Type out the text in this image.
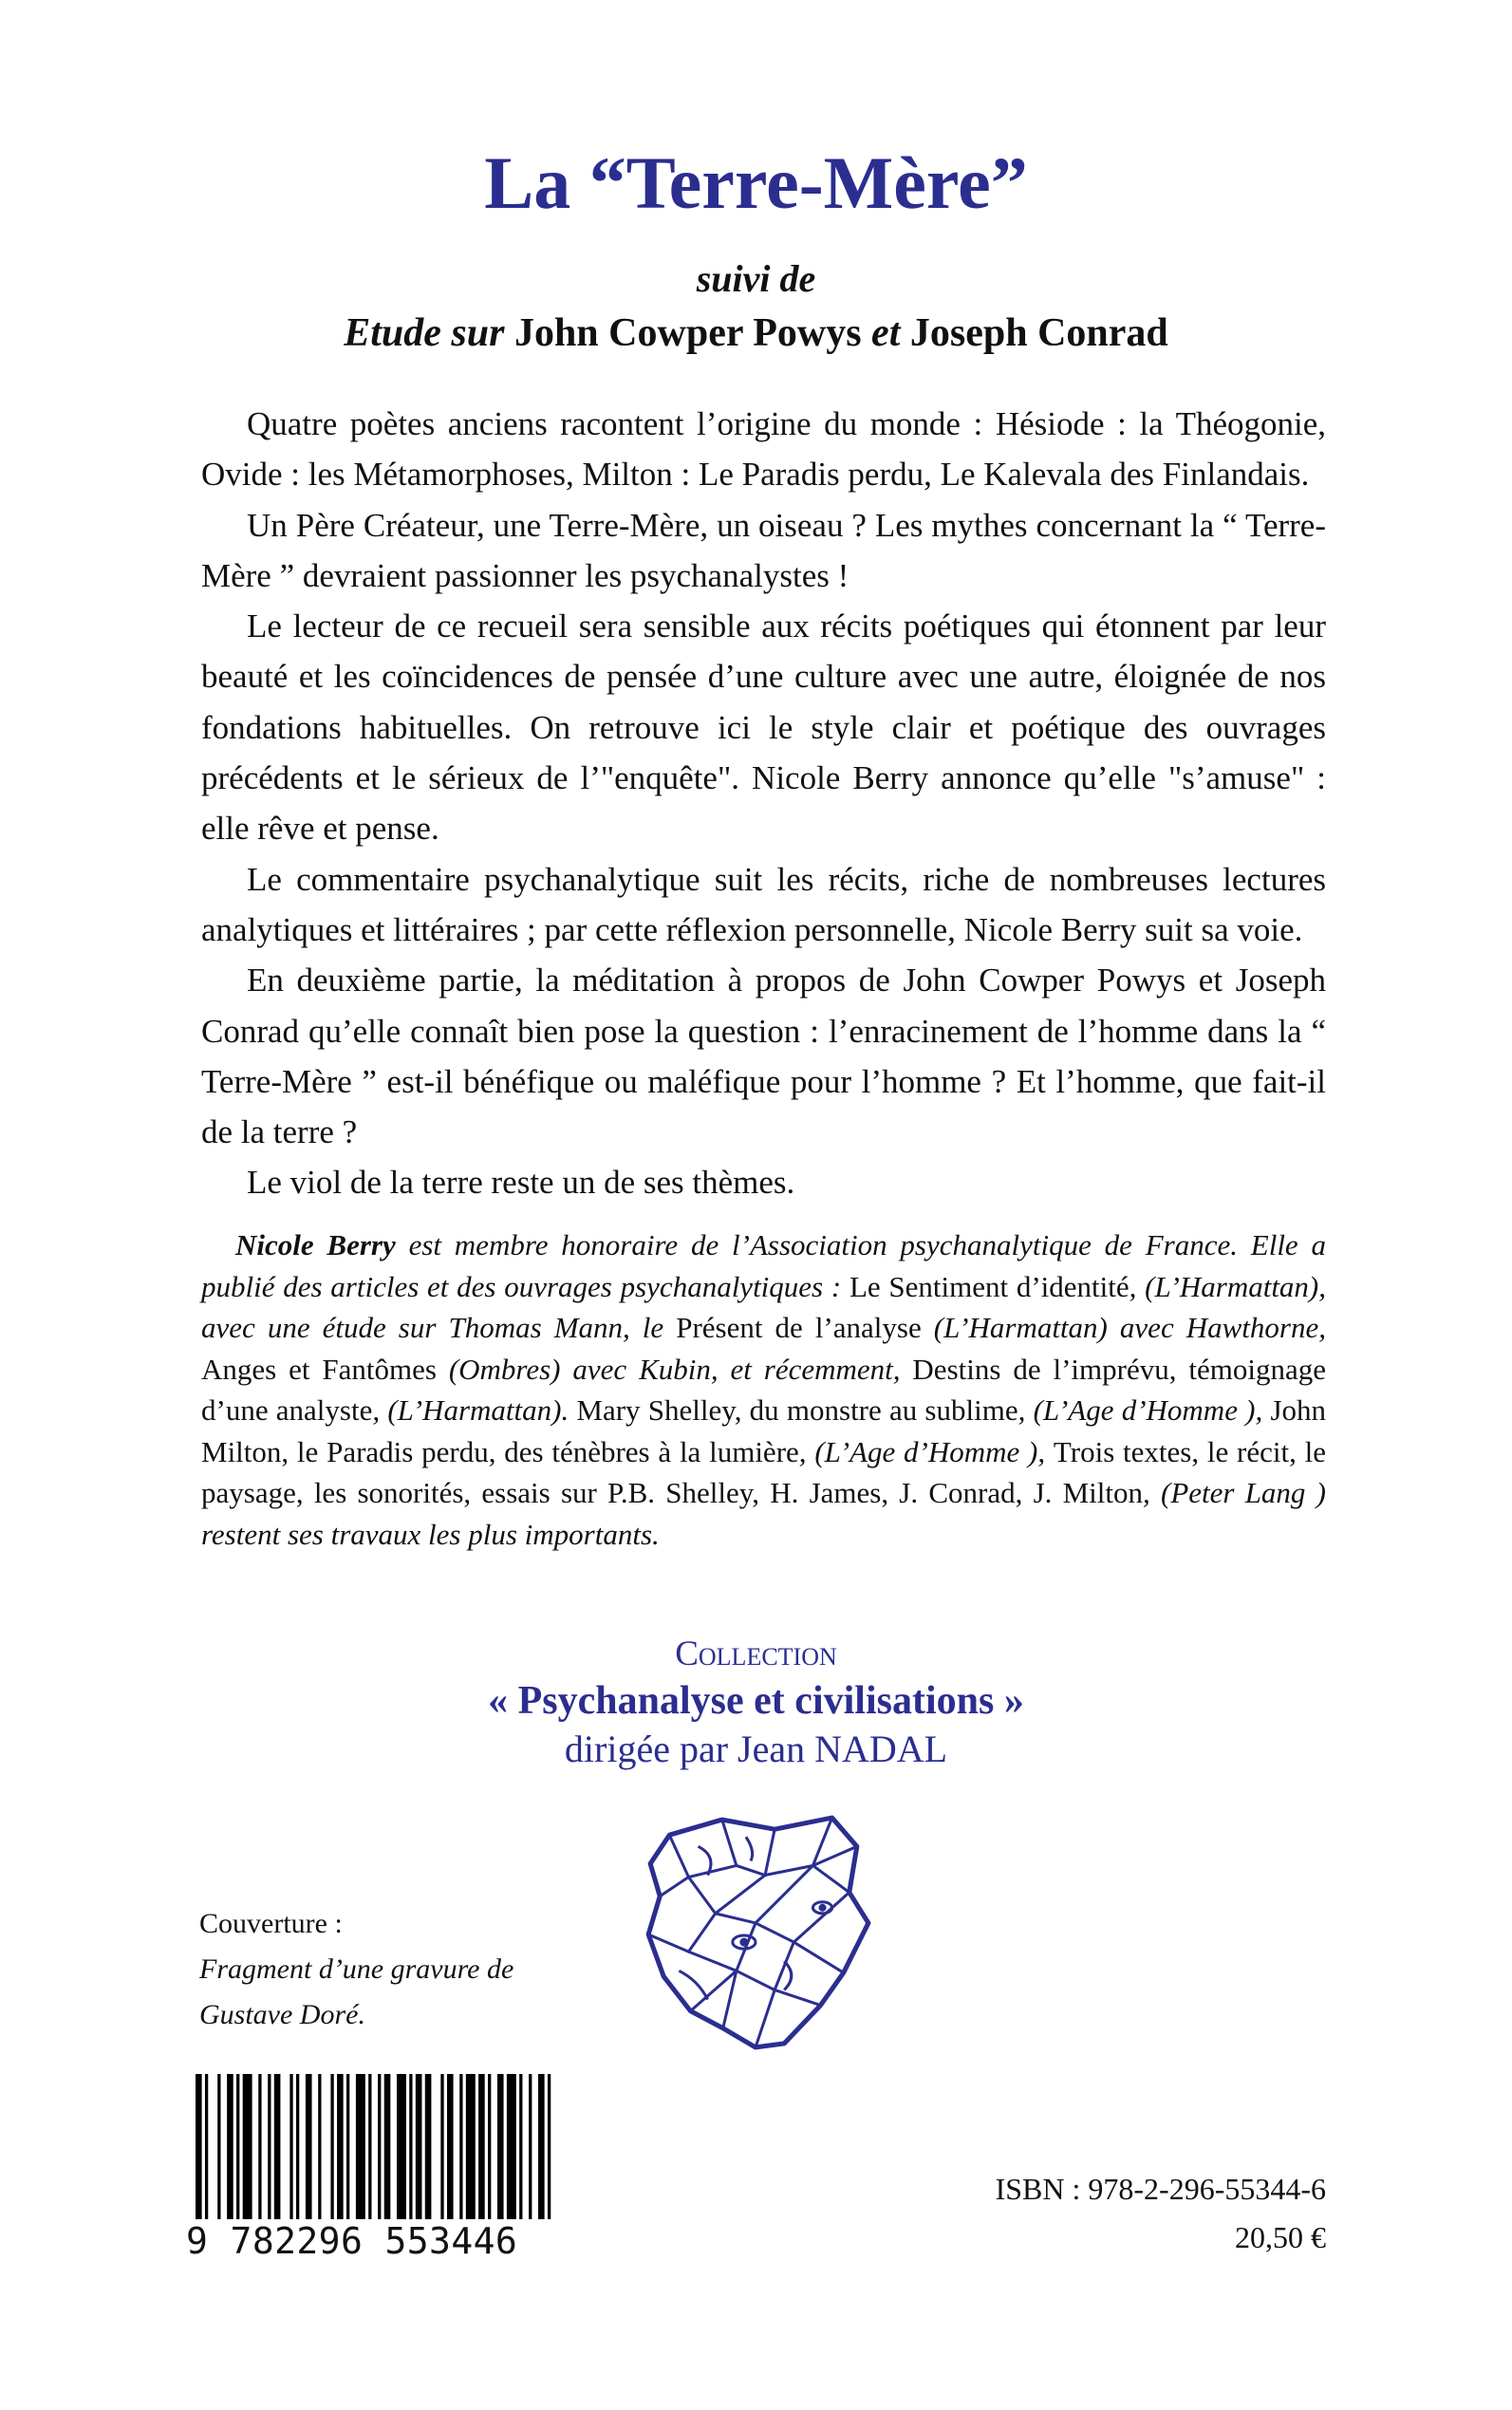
La “Terre-Mère”
suivi de
Etude sur John Cowper Powys et Joseph Conrad

Quatre poètes anciens racontent l’origine du monde : Hésiode : la Théogonie, Ovide : les Métamorphoses, Milton : Le Paradis perdu, Le Kalevala des Finlandais.

Un Père Créateur, une Terre-Mère, un oiseau ? Les mythes concernant la “ Terre-Mère ” devraient passionner les psychanalystes !

Le lecteur de ce recueil sera sensible aux récits poétiques qui étonnent par leur beauté et les coïncidences de pensée d’une culture avec une autre, éloignée de nos fondations habituelles. On retrouve ici le style clair et poétique des ouvrages précédents et le sérieux de l’"enquête". Nicole Berry annonce qu’elle "s’amuse" : elle rêve et pense.

Le commentaire psychanalytique suit les récits, riche de nombreuses lectures analytiques et littéraires ; par cette réflexion personnelle, Nicole Berry suit sa voie.

En deuxième partie, la méditation à propos de John Cowper Powys et Joseph Conrad qu’elle connaît bien pose la question : l’enracinement de l’homme dans la “ Terre-Mère ” est-il bénéfique ou maléfique pour l’homme ? Et l’homme, que fait-il de la terre ?

Le viol de la terre reste un de ses thèmes.

Nicole Berry est membre honoraire de l’Association psychanalytique de France. Elle a publié des articles et des ouvrages psychanalytiques : Le Sentiment d’identité, (L’Harmattan), avec une étude sur Thomas Mann, le Présent de l’analyse (L’Harmattan) avec Hawthorne, Anges et Fantômes (Ombres) avec Kubin, et récemment, Destins de l’imprévu, témoignage d’une analyste, (L’Harmattan). Mary Shelley, du monstre au sublime, (L’Age d’Homme ), John Milton, le Paradis perdu, des ténèbres à la lumière, (L’Age d’Homme ), Trois textes, le récit, le paysage, les sonorités, essais sur P.B. Shelley, H. James, J. Conrad, J. Milton, (Peter Lang ) restent ses travaux les plus importants.
Collection
« Psychanalyse et civilisations »
dirigée par Jean NADAL
Couverture :
Fragment d’une gravure de
Gustave Doré.
9 782296 553446
ISBN : 978-2-296-55344-6
20,50 €
